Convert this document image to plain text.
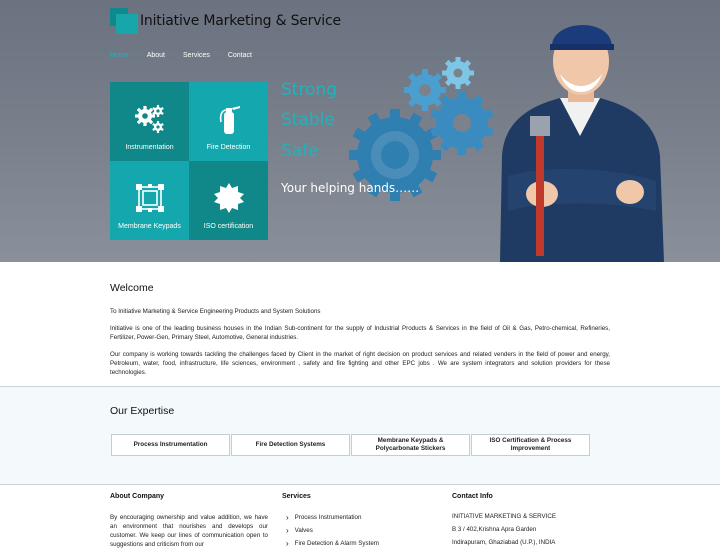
Initiative Marketing & Service
Home	About	Services	Contact
Instrumentation	Fire Detection
Membrane Keypads	ISO certification
Strong
Stable
Safe
Your helping hands……
Welcome

To Initiative Marketing & Service Engineering Products and System Solutions

Initiative is one of the leading business houses in the Indian Sub-continent for the supply of Industrial Products & Services in the field of Oil & Gas, Petro-chemical, Refineries, Fertilizer, Power-Gen, Primary Steel, Automotive, General industries.

Our company is working towards tackling the challenges faced by Client in the market of right decision on product services and related venders in the field of power and energy, Petroleum, water, food, infrastructure, life sciences, environment , safety and fire fighting and other EPC jobs . We are system integrators and solution providers for these technologies.

Our Expertise
Process Instrumentation	Fire Detection Systems
Membrane Keypads & Polycarbonate Stickers
ISO Certification & Process Improvement
About Company
By encouraging ownership and value addition, we have an environment that nourishes and develops our customer. We keep our lines of communication open to suggestions and criticism from our
Services
› Process Instrumentation
› Valves
› Fire Detection & Alarm System
Contact Info
INITIATIVE MARKETING & SERVICE
B 3 / 402,Krishna Apra Garden
Indirapuram, Ghaziabad (U.P.), INDIA
